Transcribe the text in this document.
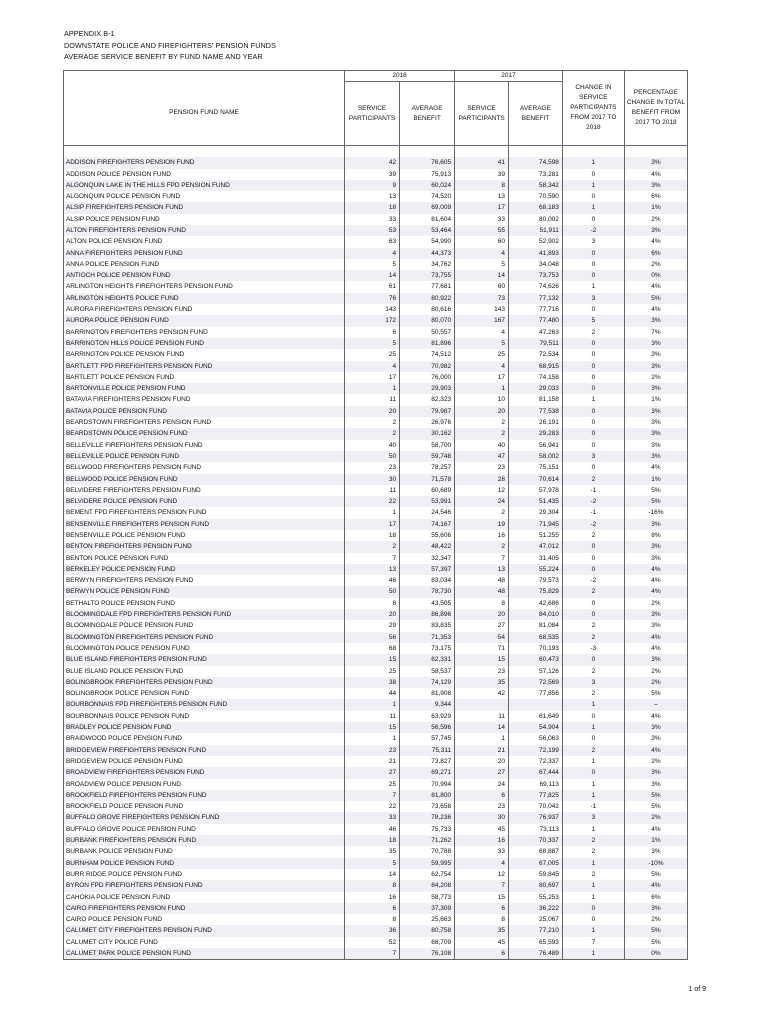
APPENDIX B-1
DOWNSTATE POLICE AND FIREFIGHTERS' PENSION FUNDS
AVERAGE SERVICE BENEFIT BY FUND NAME AND YEAR
	2018		2017		CHANGE IN SERVICE PARTICIPANTS FROM 2017 TO 2018	PERCENTAGE CHANGE IN TOTAL BENEFIT FROM 2017 TO 2018
PENSION FUND NAME	SERVICE PARTICIPANTS	AVERAGE BENEFIT	SERVICE PARTICIPANTS	AVERAGE BENEFIT		

ADDISON FIREFIGHTERS PENSION FUND	42	76,605	41	74,598	1	3%
ADDISON POLICE PENSION FUND	39	75,913	39	73,281	0	4%
ALGONQUIN LAKE IN THE HILLS FPD PENSION FUND	9	60,024	8	58,342	1	3%
ALGONQUIN POLICE PENSION FUND	13	74,520	13	70,590	0	6%
ALSIP FIREFIGHTERS PENSION FUND	18	69,009	17	68,183	1	1%
ALSIP POLICE PENSION FUND	33	81,604	33	80,002	0	2%
ALTON FIREFIGHTERS PENSION FUND	53	53,464	55	51,911	-2	3%
ALTON POLICE PENSION FUND	63	54,990	60	52,902	3	4%
ANNA FIREFIGHTERS PENSION FUND	4	44,373	4	41,893	0	6%
ANNA POLICE PENSION FUND	5	34,762	5	34,048	0	2%
ANTIOCH POLICE PENSION FUND	14	73,755	14	73,753	0	0%
ARLINGTON HEIGHTS FIREFIGHTERS PENSION FUND	61	77,681	60	74,626	1	4%
ARLINGTON HEIGHTS POLICE FUND	76	80,922	73	77,132	3	5%
AURORA FIREFIGHTERS PENSION FUND	143	80,616	143	77,716	0	4%
AURORA POLICE PENSION FUND	172	80,070	167	77,480	5	3%
BARRINGTON FIREFIGHTERS PENSION FUND	6	50,557	4	47,263	2	7%
BARRINGTON HILLS POLICE PENSION FUND	5	81,896	5	79,511	0	3%
BARRINGTON POLICE PENSION FUND	25	74,512	25	72,534	0	3%
BARTLETT FPD FIREFIGHTERS PENSION FUND	4	70,982	4	68,915	0	3%
BARTLETT POLICE PENSION FUND	17	76,000	17	74,158	0	2%
BARTONVILLE POLICE PENSION FUND	1	29,903	1	29,033	0	3%
BATAVIA FIREFIGHTERS PENSION FUND	11	82,323	10	81,158	1	1%
BATAVIA POLICE PENSION FUND	20	79,987	20	77,538	0	3%
BEARDSTOWN FIREFIGHTERS PENSION FUND	2	26,976	2	26,191	0	3%
BEARDSTOWN POLICE PENSION FUND	2	30,162	2	29,283	0	3%
BELLEVILLE FIREFIGHTERS PENSION FUND	40	58,700	40	56,941	0	3%
BELLEVILLE POLICE PENSION FUND	50	59,748	47	58,002	3	3%
BELLWOOD FIREFIGHTERS PENSION FUND	23	78,257	23	75,151	0	4%
BELLWOOD POLICE PENSION FUND	30	71,578	28	70,614	2	1%
BELVIDERE FIREFIGHTERS PENSION FUND	11	60,689	12	57,978	-1	5%
BELVIDERE POLICE PENSION FUND	22	53,991	24	51,435	-2	5%
BEMENT FPD FIREFIGHTERS PENSION FUND	1	24,546	2	29,304	-1	-16%
BENSENVILLE FIREFIGHTERS PENSION FUND	17	74,167	19	71,945	-2	3%
BENSENVILLE POLICE PENSION FUND	18	55,606	16	51,255	2	8%
BENTON FIREFIGHTERS PENSION FUND	2	48,422	2	47,012	0	3%
BENTON POLICE PENSION FUND	7	32,347	7	31,405	0	3%
BERKELEY POLICE PENSION FUND	13	57,397	13	55,224	0	4%
BERWYN FIREFIGHTERS PENSION FUND	46	83,034	48	79,573	-2	4%
BERWYN POLICE PENSION FUND	50	78,730	48	75,829	2	4%
BETHALTO POLICE PENSION FUND	8	43,505	8	42,686	0	2%
BLOOMINGDALE FPD FIREFIGHTERS PENSION FUND	20	86,896	20	84,010	0	3%
BLOOMINGDALE POLICE PENSION FUND	29	83,835	27	81,084	2	3%
BLOOMINGTON FIREFIGHTERS PENSION FUND	56	71,353	54	68,535	2	4%
BLOOMINGTON POLICE PENSION FUND	68	73,175	71	70,193	-3	4%
BLUE ISLAND FIREFIGHTERS PENSION FUND	15	62,331	15	60,473	0	3%
BLUE ISLAND POLICE PENSION FUND	25	58,537	23	57,126	2	2%
BOLINGBROOK FIREFIGHTERS PENSION FUND	38	74,129	35	72,569	3	2%
BOLINGBROOK POLICE PENSION FUND	44	81,908	42	77,856	2	5%
BOURBONNAIS FPD FIREFIGHTERS PENSION FUND	1	9,344			1	–
BOURBONNAIS POLICE PENSION FUND	11	63,929	11	61,649	0	4%
BRADLEY POLICE PENSION FUND	15	56,596	14	54,904	1	3%
BRAIDWOOD POLICE PENSION FUND	1	57,745	1	56,063	0	3%
BRIDGEVIEW FIREFIGHTERS PENSION FUND	23	75,311	21	72,199	2	4%
BRIDGEVIEW POLICE PENSION FUND	21	73,827	20	72,337	1	2%
BROADVIEW FIREFIGHTERS PENSION FUND	27	69,271	27	67,444	0	3%
BROADVIEW POLICE PENSION FUND	25	70,994	24	69,113	1	3%
BROOKFIELD FIREFIGHTERS PENSION FUND	7	81,800	6	77,825	1	5%
BROOKFIELD POLICE PENSION FUND	22	73,658	23	70,042	-1	5%
BUFFALO GROVE FIREFIGHTERS PENSION FUND	33	78,236	30	76,937	3	2%
BUFFALO GROVE POLICE PENSION FUND	46	75,733	45	73,113	1	4%
BURBANK FIREFIGHTERS PENSION FUND	18	71,262	16	70,337	2	1%
BURBANK POLICE PENSION FUND	35	70,788	33	68,887	2	3%
BURNHAM POLICE PENSION FUND	5	59,995	4	67,005	1	-10%
BURR RIDGE POLICE PENSION FUND	14	62,754	12	59,845	2	5%
BYRON FPD FIREFIGHTERS PENSION FUND	8	84,208	7	80,697	1	4%
CAHOKIA POLICE PENSION FUND	16	58,773	15	55,253	1	6%
CAIRO FIREFIGHTERS PENSION FUND	6	37,309	6	36,222	0	3%
CAIRO POLICE PENSION FUND	8	25,663	8	25,067	0	2%
CALUMET CITY FIREFIGHTERS PENSION FUND	36	80,758	35	77,210	1	5%
CALUMET CITY POLICE FUND	52	68,709	45	65,593	7	5%
CALUMET PARK POLICE PENSION FUND	7	76,108	6	76,489	1	0%
1 of 9
